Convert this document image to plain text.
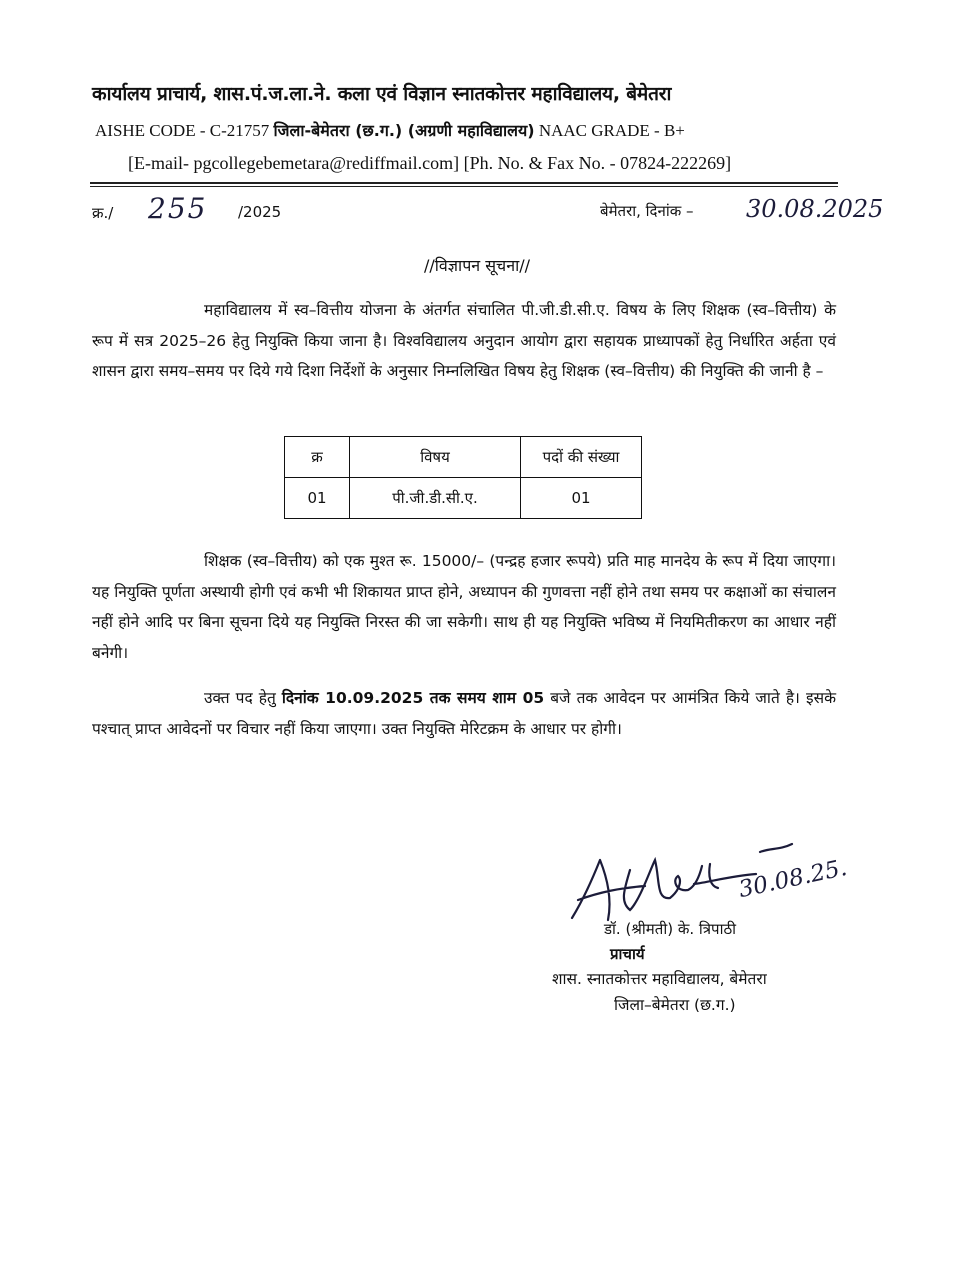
कार्यालय प्राचार्य, शास.पं.ज.ला.ने. कला एवं विज्ञान स्नातकोत्तर महाविद्यालय, बेमेतरा
AISHE CODE - C-21757 जिला-बेमेतरा (छ.ग.) (अग्रणी महाविद्यालय) NAAC GRADE - B+
[E-mail- pgcollegebemetara@rediffmail.com] [Ph. No. & Fax No. - 07824-222269]
क्र./ 255 /2025	बेमेतरा, दिनांक – 30.08.2025
//विज्ञापन सूचना//
महाविद्यालय में स्व–वित्तीय योजना के अंतर्गत संचालित पी.जी.डी.सी.ए. विषय के लिए शिक्षक (स्व–वित्तीय) के रूप में सत्र 2025–26 हेतु नियुक्ति किया जाना है। विश्वविद्यालय अनुदान आयोग द्वारा सहायक प्राध्यापकों हेतु निर्धारित अर्हता एवं शासन द्वारा समय–समय पर दिये गये दिशा निर्देशों के अनुसार निम्नलिखित विषय हेतु शिक्षक (स्व–वित्तीय) की नियुक्ति की जानी है –
क्र	विषय	पदों की संख्या
01	पी.जी.डी.सी.ए.	01
शिक्षक (स्व–वित्तीय) को एक मुश्त रू. 15000/– (पन्द्रह हजार रूपये) प्रति माह मानदेय के रूप में दिया जाएगा। यह नियुक्ति पूर्णता अस्थायी होगी एवं कभी भी शिकायत प्राप्त होने, अध्यापन की गुणवत्ता नहीं होने तथा समय पर कक्षाओं का संचालन नहीं होने आदि पर बिना सूचना दिये यह नियुक्ति निरस्त की जा सकेगी। साथ ही यह नियुक्ति भविष्य में नियमितीकरण का आधार नहीं बनेगी।
उक्त पद हेतु दिनांक 10.09.2025 तक समय शाम 05 बजे तक आवेदन पर आमंत्रित किये जाते है। इसके पश्चात् प्राप्त आवेदनों पर विचार नहीं किया जाएगा। उक्त नियुक्ति मेरिटक्रम के आधार पर होगी।
30.08.25.
डॉ. (श्रीमती) के. त्रिपाठी
प्राचार्य
शास. स्नातकोत्तर महाविद्यालय, बेमेतरा
जिला–बेमेतरा (छ.ग.)
